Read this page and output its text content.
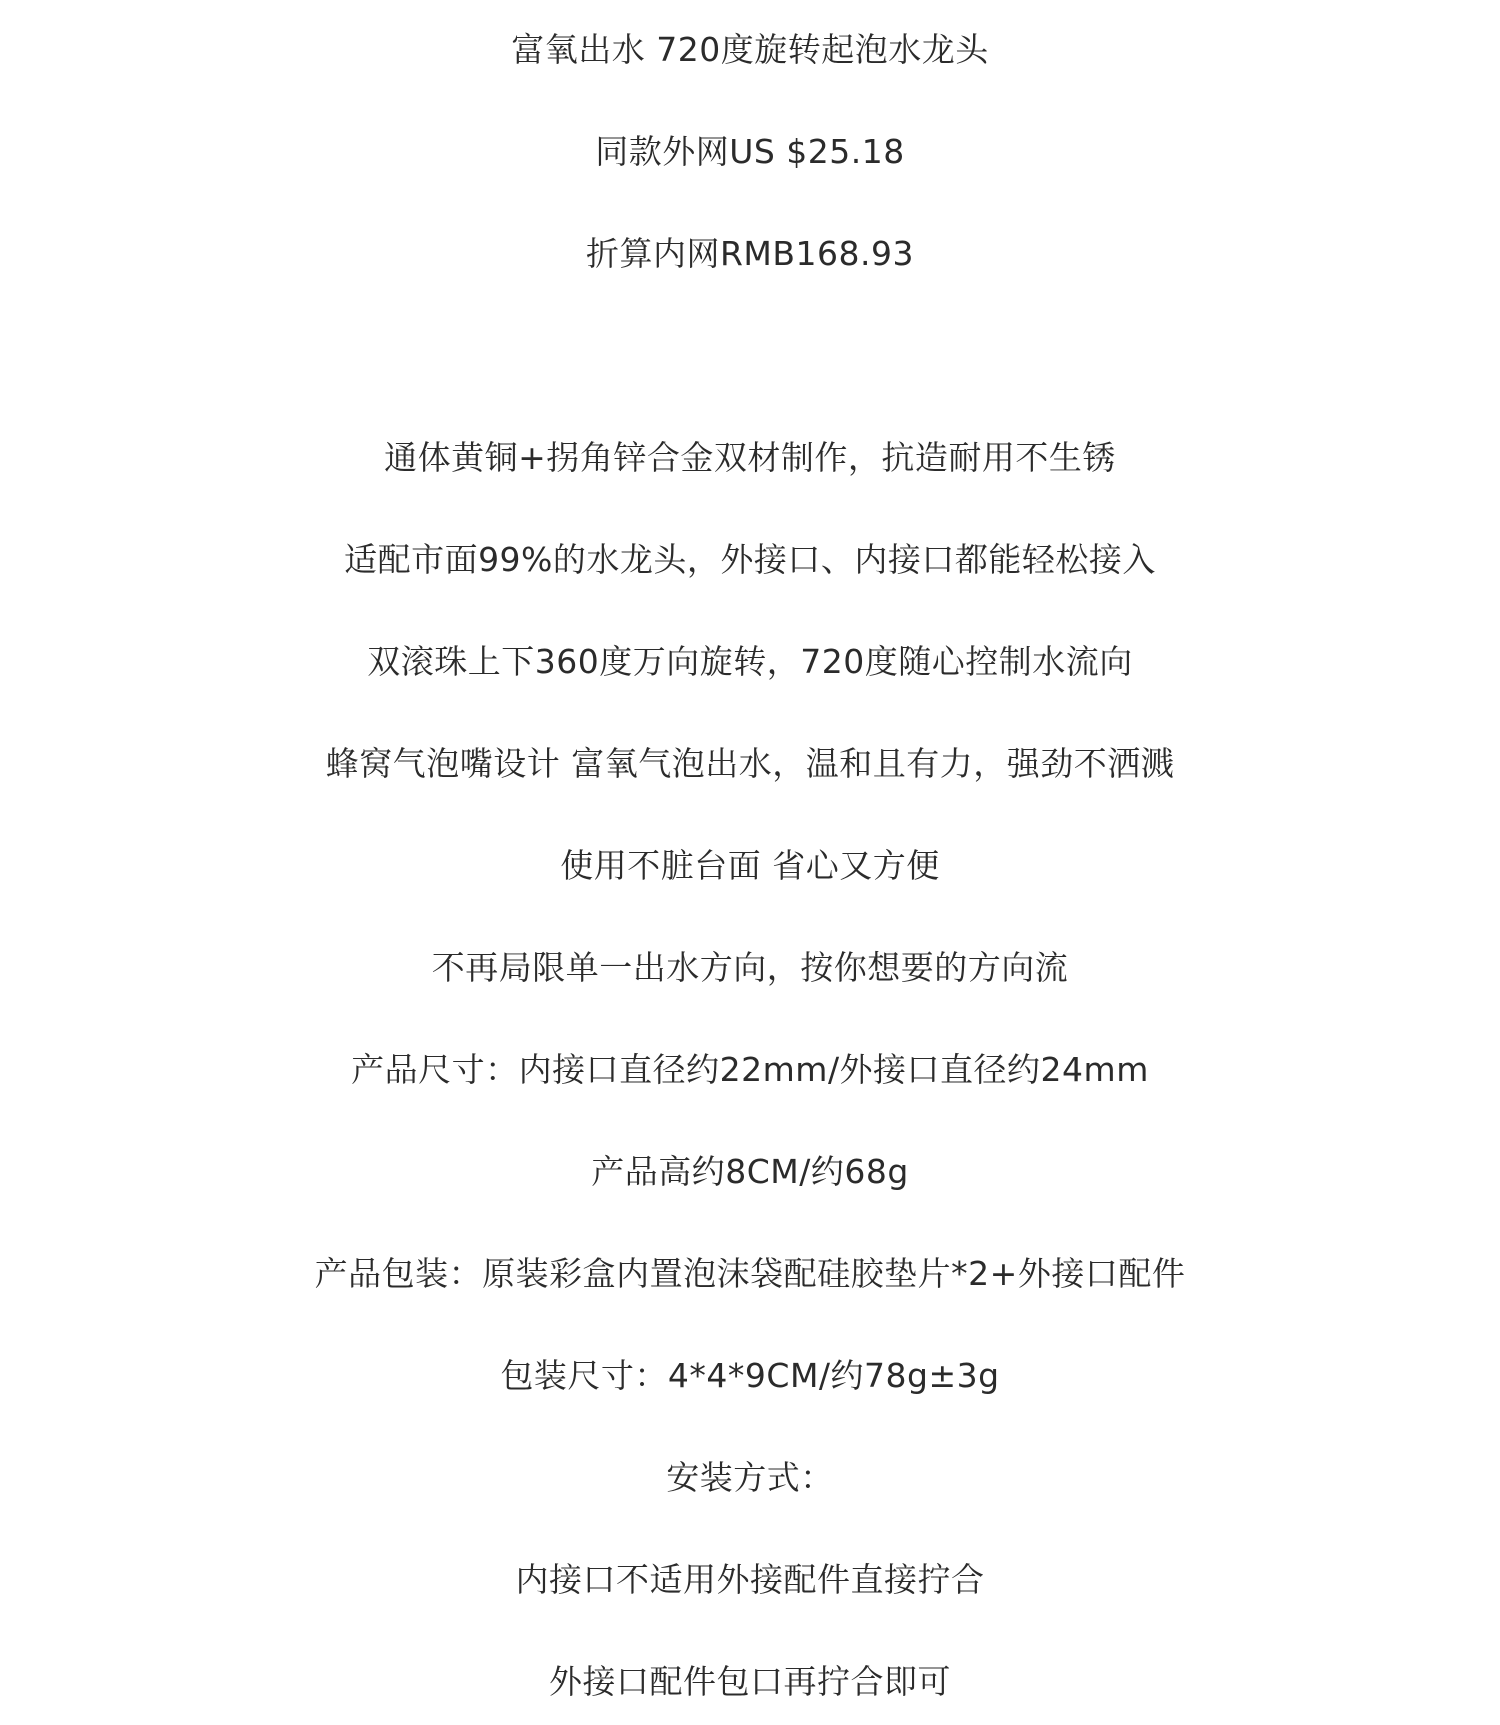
富氧出水 720度旋转起泡水龙头
同款外网US $25.18
折算内网RMB168.93
通体黄铜+拐角锌合金双材制作，抗造耐用不生锈
适配市面99%的水龙头，外接口、内接口都能轻松接入
双滚珠上下360度万向旋转，720度随心控制水流向
蜂窝气泡嘴设计 富氧气泡出水，温和且有力，强劲不洒溅
使用不脏台面 省心又方便
不再局限单一出水方向，按你想要的方向流
产品尺寸：内接口直径约22mm/外接口直径约24mm
产品高约8CM/约68g
产品包装：原装彩盒内置泡沫袋配硅胶垫片*2+外接口配件
包装尺寸：4*4*9CM/约78g±3g
安装方式：
内接口不适用外接配件直接拧合
外接口配件包口再拧合即可
